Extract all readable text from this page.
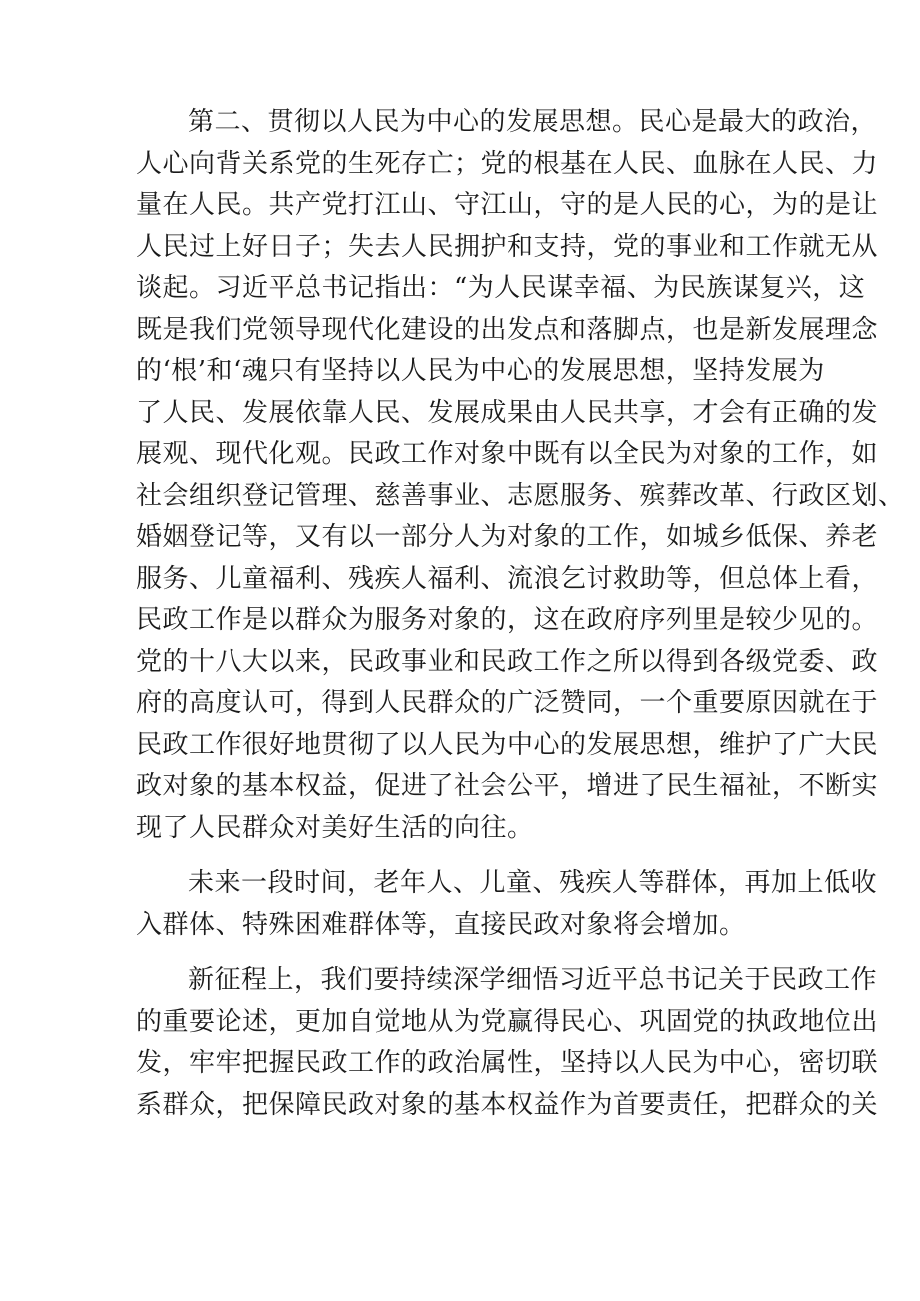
第二、贯彻以人民为中心的发展思想。民心是最大的政治，
人心向背关系党的生死存亡；党的根基在人民、血脉在人民、力
量在人民。共产党打江山、守江山，守的是人民的心，为的是让
人民过上好日子；失去人民拥护和支持，党的事业和工作就无从
谈起。习近平总书记指出：“为人民谋幸福、为民族谋复兴，这
既是我们党领导现代化建设的出发点和落脚点，也是新发展理念
的‘根’和‘魂只有坚持以人民为中心的发展思想，坚持发展为
了人民、发展依靠人民、发展成果由人民共享，才会有正确的发
展观、现代化观。民政工作对象中既有以全民为对象的工作，如
社会组织登记管理、慈善事业、志愿服务、殡葬改革、行政区划、
婚姻登记等，又有以一部分人为对象的工作，如城乡低保、养老
服务、儿童福利、残疾人福利、流浪乞讨救助等，但总体上看，
民政工作是以群众为服务对象的，这在政府序列里是较少见的。
党的十八大以来，民政事业和民政工作之所以得到各级党委、政
府的高度认可，得到人民群众的广泛赞同，一个重要原因就在于
民政工作很好地贯彻了以人民为中心的发展思想，维护了广大民
政对象的基本权益，促进了社会公平，增进了民生福祉，不断实
现了人民群众对美好生活的向往。
未来一段时间，老年人、儿童、残疾人等群体，再加上低收
入群体、特殊困难群体等，直接民政对象将会增加。
新征程上，我们要持续深学细悟习近平总书记关于民政工作
的重要论述，更加自觉地从为党赢得民心、巩固党的执政地位出
发，牢牢把握民政工作的政治属性，坚持以人民为中心，密切联
系群众，把保障民政对象的基本权益作为首要责任，把群众的关
